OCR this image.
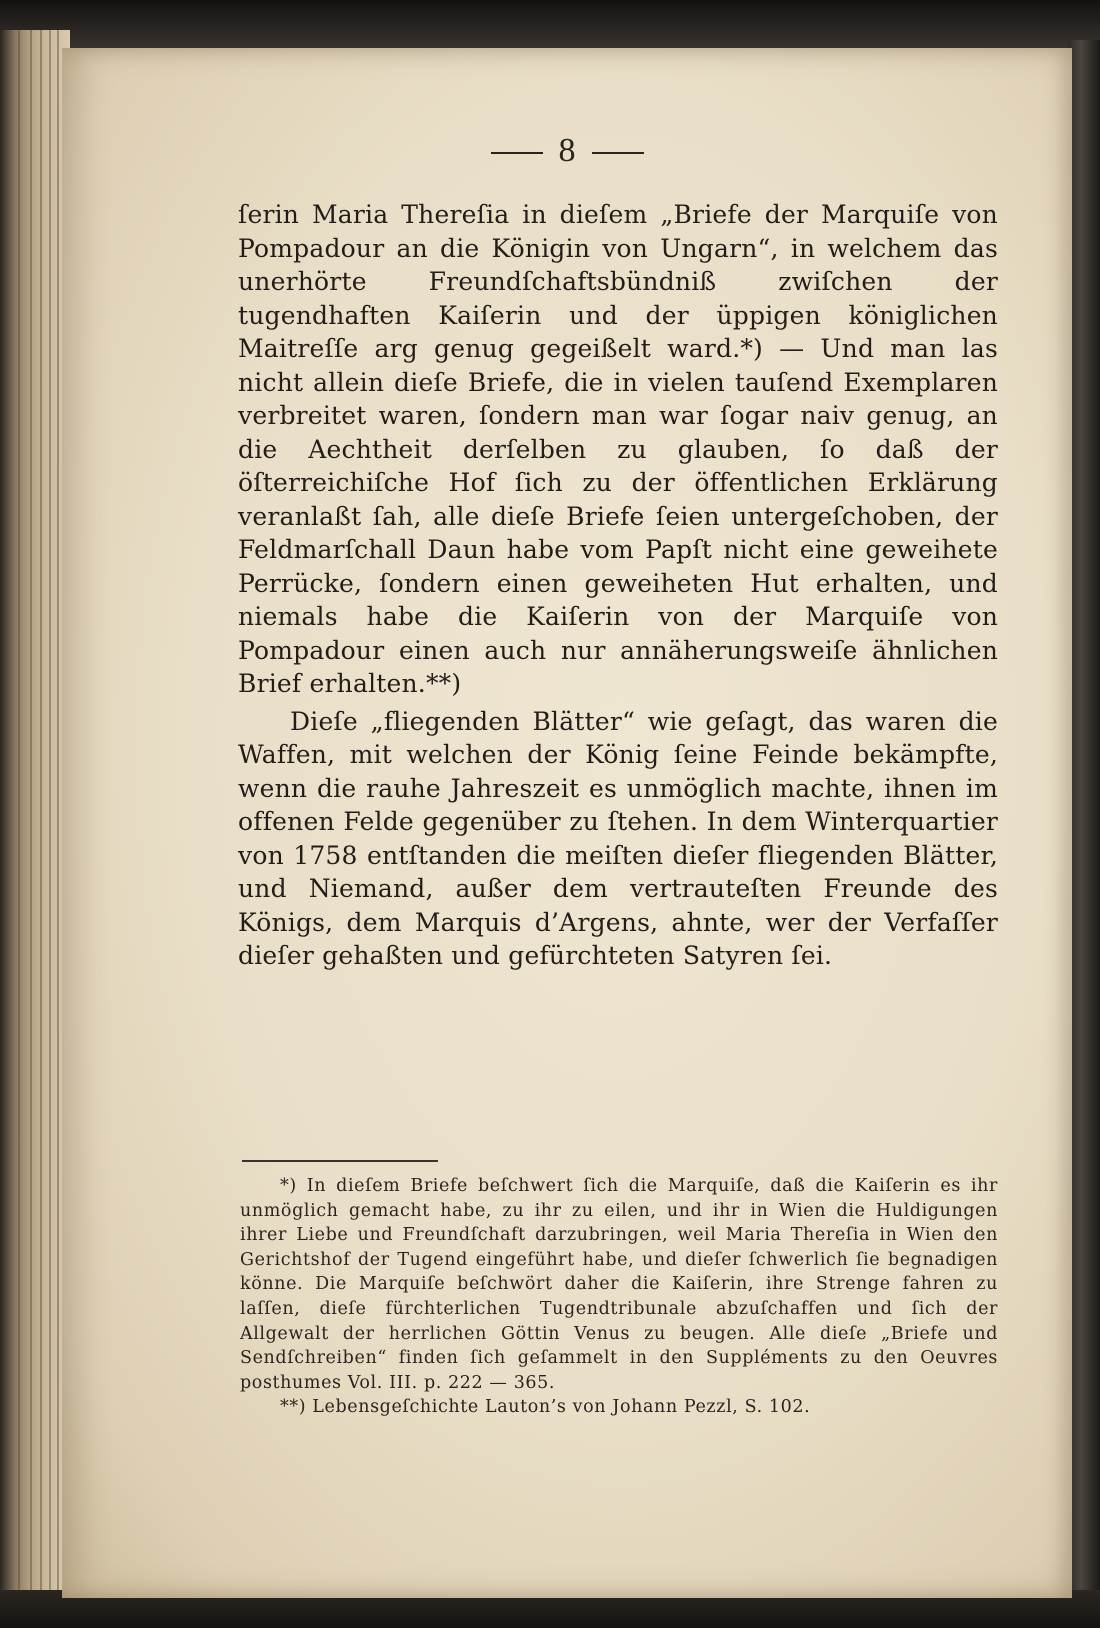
8

ſerin Maria Thereſia in dieſem „Briefe der Marquiſe von Pompadour an die Königin von Ungarn“, in welchem das unerhörte Freundſchaftsbündniß zwiſchen der tugendhaften Kaiſerin und der üppigen königlichen Maitreſſe arg genug gegeißelt ward.*) — Und man las nicht allein dieſe Briefe, die in vielen tauſend Exemplaren verbreitet waren, ſondern man war ſogar naiv genug, an die Aechtheit derſelben zu glauben, ſo daß der öſterreichiſche Hof ſich zu der öffentlichen Erklärung veranlaßt ſah, alle dieſe Briefe ſeien untergeſchoben, der Feldmarſchall Daun habe vom Papſt nicht eine geweihete Perrücke, ſondern einen geweiheten Hut erhalten, und niemals habe die Kaiſerin von der Marquiſe von Pompadour einen auch nur annäherungsweiſe ähnlichen Brief erhalten.**)

Dieſe „fliegenden Blätter“ wie geſagt, das waren die Waffen, mit welchen der König ſeine Feinde bekämpfte, wenn die rauhe Jahreszeit es unmöglich machte, ihnen im offenen Felde gegenüber zu ſtehen. In dem Winterquartier von 1758 entſtanden die meiſten dieſer fliegenden Blätter, und Niemand, außer dem vertrauteſten Freunde des Königs, dem Marquis d’Argens, ahnte, wer der Verfaſſer dieſer gehaßten und gefürchteten Satyren ſei.

*) In dieſem Briefe beſchwert ſich die Marquiſe, daß die Kaiſerin es ihr unmöglich gemacht habe, zu ihr zu eilen, und ihr in Wien die Huldigungen ihrer Liebe und Freundſchaft darzubringen, weil Maria Thereſia in Wien den Gerichtshof der Tugend eingeführt habe, und dieſer ſchwerlich ſie begnadigen könne. Die Marquiſe beſchwört daher die Kaiſerin, ihre Strenge fahren zu laſſen, dieſe fürchterlichen Tugendtribunale abzuſchaffen und ſich der Allgewalt der herrlichen Göttin Venus zu beugen. Alle dieſe „Briefe und Sendſchreiben“ finden ſich geſammelt in den Suppléments zu den Oeuvres posthumes Vol. III. p. 222 — 365.

**) Lebensgeſchichte Lauton’s von Johann Pezzl, S. 102.
